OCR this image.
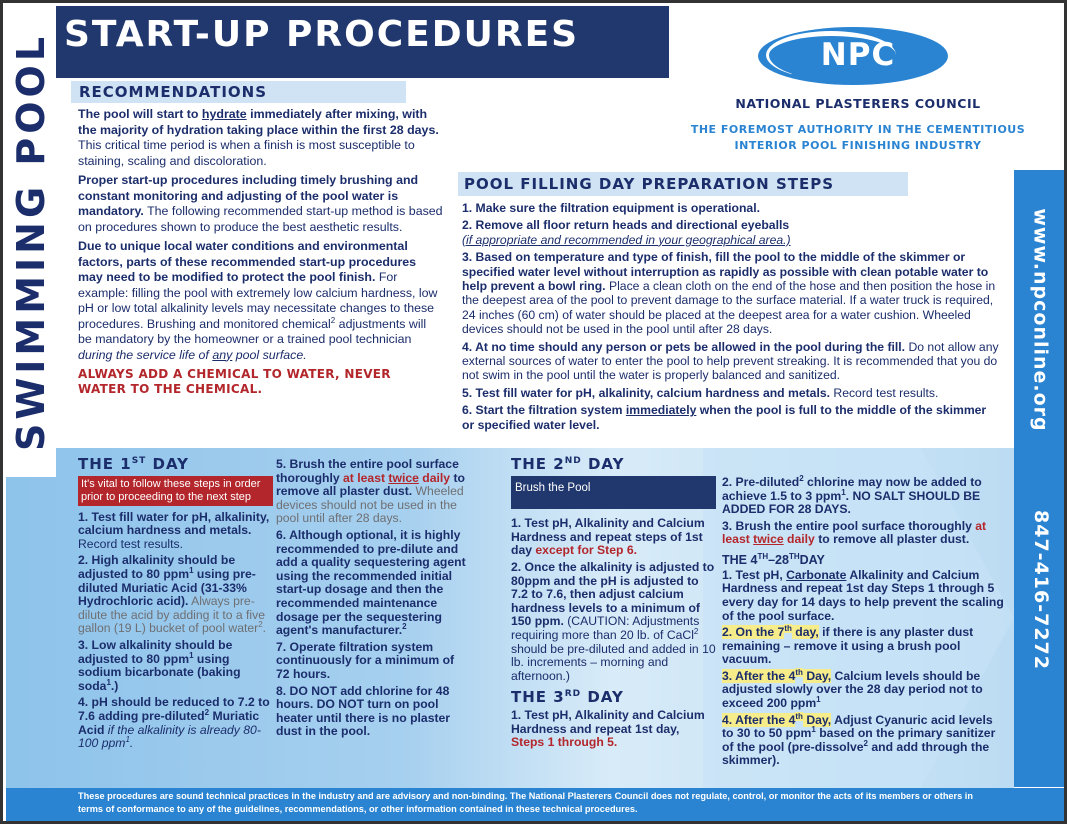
SWIMMING POOL START-UP PROCEDURES	NPC
NATIONAL PLASTERERS COUNCIL
THE FOREMOST AUTHORITY IN THE CEMENTITIOUS
INTERIOR POOL FINISHING INDUSTRY
www.npconline.org
847-416-7272
RECOMMENDATIONS

The pool will start to hydrate immediately after mixing, with the majority of hydration taking place within the first 28 days. This critical time period is when a finish is most susceptible to staining, scaling and discoloration.

Proper start-up procedures including timely brushing and constant monitoring and adjusting of the pool water is mandatory. The following recommended start-up method is based on procedures shown to produce the best aesthetic results.

Due to unique local water conditions and environmental factors, parts of these recommended start-up procedures may need to be modified to protect the pool finish. For example: filling the pool with extremely low calcium hardness, low pH or low total alkalinity levels may necessitate changes to these procedures. Brushing and monitored chemical$^2$ adjustments will be mandatory by the homeowner or a trained pool technician during the service life of any pool surface.

ALWAYS ADD A CHEMICAL TO WATER, NEVER WATER TO THE CHEMICAL.

POOL FILLING DAY PREPARATION STEPS
1. Make sure the filtration equipment is operational.
2. Remove all floor return heads and directional eyeballs
(if appropriate and recommended in your geographical area.)
3. Based on temperature and type of finish, fill the pool to the middle of the skimmer or specified water level without interruption as rapidly as possible with clean potable water to help prevent a bowl ring. Place a clean cloth on the end of the hose and then position the hose in the deepest area of the pool to prevent damage to the surface material. If a water truck is required, 24 inches (60 cm) of water should be placed at the deepest area for a water cushion. Wheeled devices should not be used in the pool until after 28 days.
4. At no time should any person or pets be allowed in the pool during the fill. Do not allow any external sources of water to enter the pool to help prevent streaking. It is recommended that you do not swim in the pool until the water is properly balanced and sanitized.
5. Test fill water for pH, alkalinity, calcium hardness and metals. Record test results.
6. Start the filtration system immediately when the pool is full to the middle of the skimmer or specified water level.
THE 1ST DAY
It's vital to follow these steps in order prior to proceeding to the next step

1. Test fill water for pH, alkalinity, calcium hardness and metals. Record test results.

2. High alkalinity should be adjusted to 80 ppm$^1$ using pre-diluted Muriatic Acid (31-33% Hydrochloric acid). Always pre-dilute the acid by adding it to a five gallon (19 L) bucket of pool water$^2$.

3. Low alkalinity should be adjusted to 80 ppm$^1$ using sodium bicarbonate (baking soda$^1$.)

4. pH should be reduced to 7.2 to 7.6 adding pre-diluted$^2$ Muriatic Acid if the alkalinity is already 80-100 ppm$^1$.

5. Brush the entire pool surface thoroughly at least twice daily to remove all plaster dust. Wheeled devices should not be used in the pool until after 28 days.

6. Although optional, it is highly recommended to pre-dilute and add a quality sequestering agent using the recommended initial start-up dosage and then the recommended maintenance dosage per the sequestering agent's manufacturer.$^2$

7. Operate filtration system continuously for a minimum of 72 hours.

8. DO NOT add chlorine for 48 hours. DO NOT turn on pool heater until there is no plaster dust in the pool.

THE 2ND DAY
Brush the Pool

1. Test pH, Alkalinity and Calcium Hardness and repeat steps of 1st day except for Step 6.

2. Once the alkalinity is adjusted to 80ppm and the pH is adjusted to 7.2 to 7.6, then adjust calcium hardness levels to a minimum of 150 ppm. (CAUTION: Adjustments requiring more than 20 lb. of CaCl$^2$ should be pre-diluted and added in 10 lb. increments – morning and afternoon.)

THE 3RD DAY

1. Test pH, Alkalinity and Calcium Hardness and repeat 1st day, Steps 1 through 5.

2. Pre-diluted$^2$ chlorine may now be added to achieve 1.5 to 3 ppm$^1$. NO SALT SHOULD BE ADDED FOR 28 DAYS.

3. Brush the entire pool surface thoroughly at least twice daily to remove all plaster dust.

THE 4TH–28THDAY

1. Test pH, Carbonate Alkalinity and Calcium Hardness and repeat 1st day Steps 1 through 5 every day for 14 days to help prevent the scaling of the pool surface.

2. On the 7th day, if there is any plaster dust remaining – remove it using a brush pool vacuum.

3. After the 4th Day, Calcium levels should be adjusted slowly over the 28 day period not to exceed 200 ppm$^1$

4. After the 4th Day, Adjust Cyanuric acid levels to 30 to 50 ppm$^1$ based on the primary sanitizer of the pool (pre-dissolve$^2$ and add through the skimmer).

These procedures are sound technical practices in the industry and are advisory and non-binding. The National Plasterers Council does not regulate, control, or monitor the acts of its members or others in terms of conformance to any of the guidelines, recommendations, or other information contained in these technical procedures.
